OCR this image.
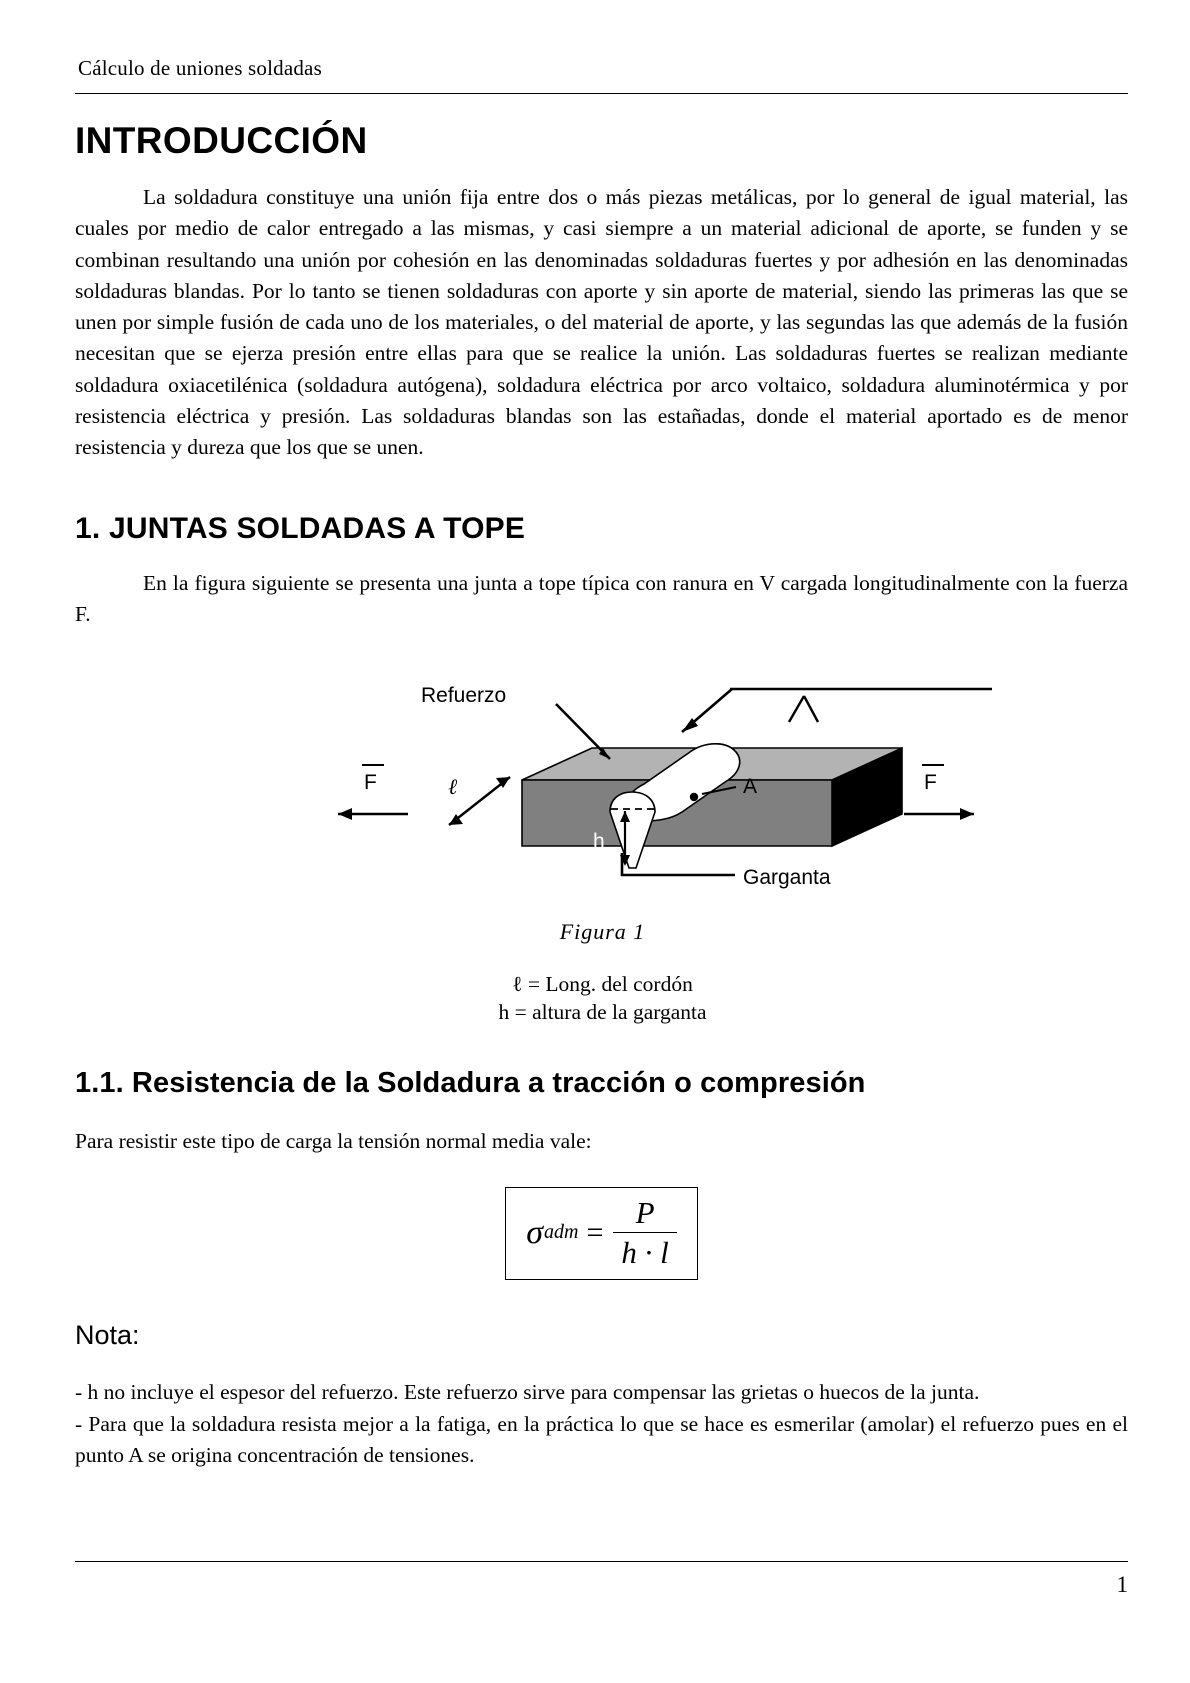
Cálculo de uniones soldadas
INTRODUCCIÓN

La soldadura constituye una unión fija entre dos o más piezas metálicas, por lo general de igual material, las cuales por medio de calor entregado a las mismas, y casi siempre a un material adicional de aporte, se funden y se combinan resultando una unión por cohesión en las denominadas soldaduras fuertes y por adhesión en las denominadas soldaduras blandas. Por lo tanto se tienen soldaduras con aporte y sin aporte de material, siendo las primeras las que se unen por simple fusión de cada uno de los materiales, o del material de aporte, y las segundas las que además de la fusión necesitan que se ejerza presión entre ellas para que se realice la unión. Las soldaduras fuertes se realizan mediante soldadura oxiacetilénica (soldadura autógena), soldadura eléctrica por arco voltaico, soldadura aluminotérmica y por resistencia eléctrica y presión. Las soldaduras blandas son las estañadas, donde el material aportado es de menor resistencia y dureza que los que se unen.

1. JUNTAS SOLDADAS A TOPE

En la figura siguiente se presenta una junta a tope típica con ranura en V cargada longitudinalmente con la fuerza F.

F	ℓ
h
Refuerzo
A
Garganta
F
Figura 1
ℓ = Long. del cordón
h = altura de la garganta
1.1. Resistencia de la Soldadura a tracción o compresión

Para resistir este tipo de carga la tensión normal media vale:

σ adm = $\frac{P}{h \cdot l}$
Nota:

- h no incluye el espesor del refuerzo. Este refuerzo sirve para compensar las grietas o huecos de la junta.

- Para que la soldadura resista mejor a la fatiga, en la práctica lo que se hace es esmerilar (amolar) el refuerzo pues en el punto A se origina concentración de tensiones.

1
